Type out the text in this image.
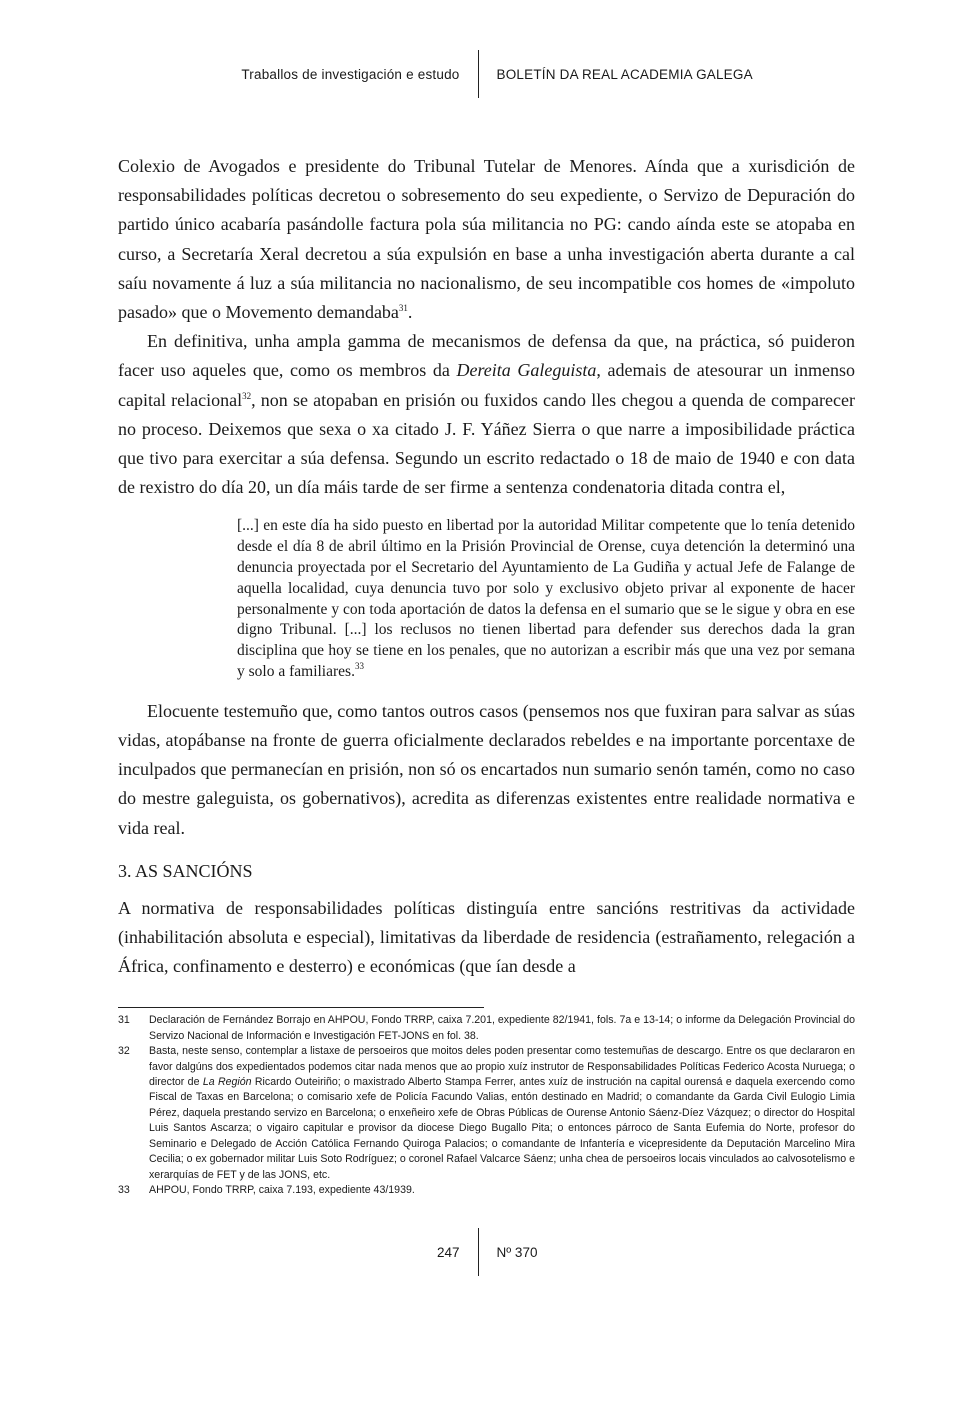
Traballos de investigación e estudo	BOLETÍN DA REAL ACADEMIA GALEGA

Colexio de Avogados e presidente do Tribunal Tutelar de Menores. Aínda que a xurisdición de responsabilidades políticas decretou o sobresemento do seu expediente, o Servizo de Depuración do partido único acabaría pasándolle factura pola súa militancia no PG: cando aínda este se atopaba en curso, a Secretaría Xeral decretou a súa expulsión en base a unha investigación aberta durante a cal saíu novamente á luz a súa militancia no nacionalismo, de seu incompatible cos homes de «impoluto pasado» que o Movemento demandaba$^{31}$.

En definitiva, unha ampla gamma de mecanismos de defensa da que, na práctica, só puideron facer uso aqueles que, como os membros da Dereita Galeguista, ademais de atesourar un inmenso capital relacional$^{32}$, non se atopaban en prisión ou fuxidos cando lles chegou a quenda de comparecer no proceso. Deixemos que sexa o xa citado J. F. Yáñez Sierra o que narre a imposibilidade práctica que tivo para exercitar a súa defensa. Segundo un escrito redactado o 18 de maio de 1940 e con data de rexistro do día 20, un día máis tarde de ser firme a sentenza condenatoria ditada contra el,

[...] en este día ha sido puesto en libertad por la autoridad Militar competente que lo tenía detenido desde el día 8 de abril último en la Prisión Provincial de Orense, cuya detención la determinó una denuncia proyectada por el Secretario del Ayuntamiento de La Gudiña y actual Jefe de Falange de aquella localidad, cuya denuncia tuvo por solo y exclusivo objeto privar al exponente de hacer personalmente y con toda aportación de datos la defensa en el sumario que se le sigue y obra en ese digno Tribunal. [...] los reclusos no tienen libertad para defender sus derechos dada la gran disciplina que hoy se tiene en los penales, que no autorizan a escribir más que una vez por semana y solo a familiares.$^{33}$

Elocuente testemuño que, como tantos outros casos (pensemos nos que fuxiran para salvar as súas vidas, atopábanse na fronte de guerra oficialmente declarados rebeldes e na importante porcentaxe de inculpados que permanecían en prisión, non só os encartados nun sumario senón tamén, como no caso do mestre galeguista, os gobernativos), acredita as diferenzas existentes entre realidade normativa e vida real.

3. AS SANCIÓNS

A normativa de responsabilidades políticas distinguía entre sancións restritivas da actividade (inhabilitación absoluta e especial), limitativas da liberdade de residencia (estrañamento, relegación a África, confinamento e desterro) e económicas (que ían desde a

31	Declaración de Fernández Borrajo en AHPOU, Fondo TRRP, caixa 7.201, expediente 82/1941, fols. 7a e 13-14; o informe da Delegación Provincial do Servizo Nacional de Información e Investigación FET-JONS en fol. 38.
32	Basta, neste senso, contemplar a listaxe de persoeiros que moitos deles poden presentar como testemuñas de descargo. Entre os que declararon en favor dalgúns dos expedientados podemos citar nada menos que ao propio xuíz instrutor de Responsabilidades Políticas Federico Acosta Nuruega; o director de La Región Ricardo Outeiriño; o maxistrado Alberto Stampa Ferrer, antes xuíz de instrución na capital ourensá e daquela exercendo como Fiscal de Taxas en Barcelona; o comisario xefe de Policía Facundo Valias, entón destinado en Madrid; o comandante da Garda Civil Eulogio Limia Pérez, daquela prestando servizo en Barcelona; o enxeñeiro xefe de Obras Públicas de Ourense Antonio Sáenz-Díez Vázquez; o director do Hospital Luis Santos Ascarza; o vigairo capitular e provisor da diocese Diego Bugallo Pita; o entonces párroco de Santa Eufemia do Norte, profesor do Seminario e Delegado de Acción Católica Fernando Quiroga Palacios; o comandante de Infantería e vicepresidente da Deputación Marcelino Mira Cecilia; o ex gobernador militar Luis Soto Rodríguez; o coronel Rafael Valcarce Sáenz; unha chea de persoeiros locais vinculados ao calvosotelismo e xerarquías de FET y de las JONS, etc.
33	AHPOU, Fondo TRRP, caixa 7.193, expediente 43/1939.
247	Nº 370
